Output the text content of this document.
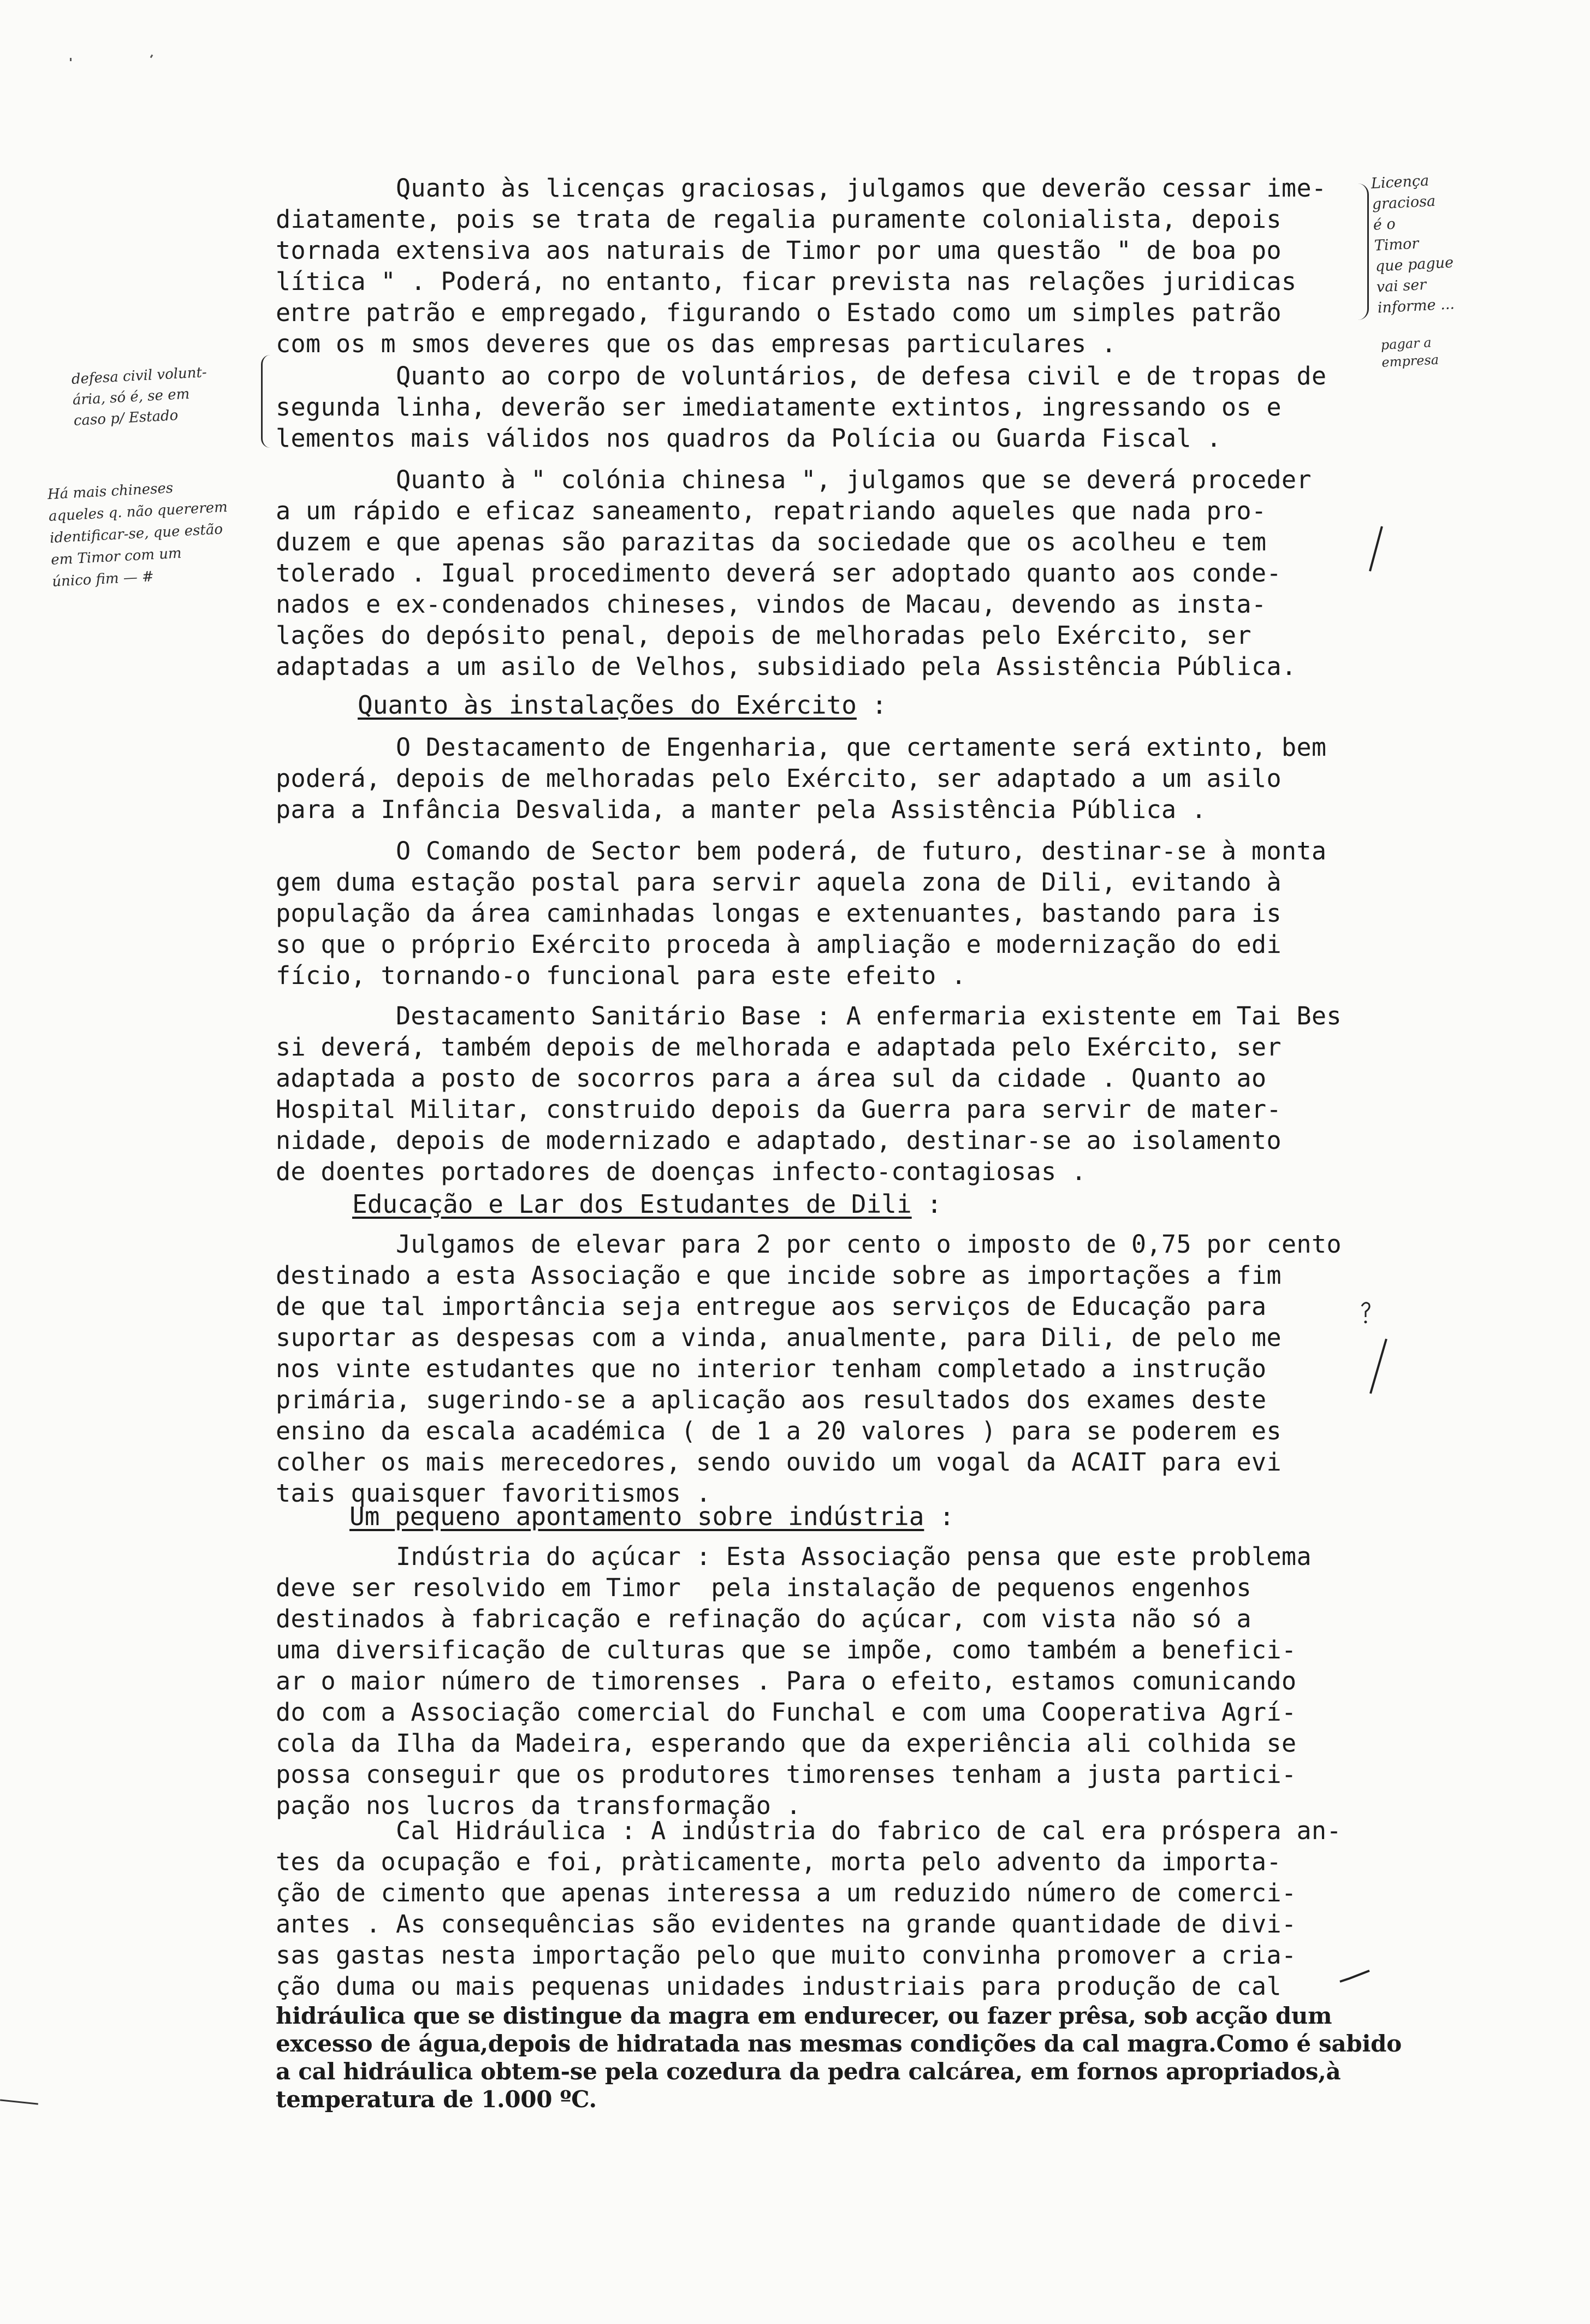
Quanto às licenças graciosas, julgamos que deverão cessar ime-
diatamente, pois se trata de regalia puramente colonialista, depois
tornada extensiva aos naturais de Timor por uma questão " de boa po
lítica " . Poderá, no entanto, ficar prevista nas relações juridicas
entre patrão e empregado, figurando o Estado como um simples patrão
com os m smos deveres que os das empresas particulares .
Quanto ao corpo de voluntários, de defesa civil e de tropas de
segunda linha, deverão ser imediatamente extintos, ingressando os e
lementos mais válidos nos quadros da Polícia ou Guarda Fiscal .
Quanto à " colónia chinesa ", julgamos que se deverá proceder
a um rápido e eficaz saneamento, repatriando aqueles que nada pro-
duzem e que apenas são parazitas da sociedade que os acolheu e tem
tolerado . Igual procedimento deverá ser adoptado quanto aos conde-
nados e ex-condenados chineses, vindos de Macau, devendo as insta-
lações do depósito penal, depois de melhoradas pelo Exército, ser
adaptadas a um asilo de Velhos, subsidiado pela Assistência Pública.
Quanto às instalações do Exército :
O Destacamento de Engenharia, que certamente será extinto, bem
poderá, depois de melhoradas pelo Exército, ser adaptado a um asilo
para a Infância Desvalida, a manter pela Assistência Pública .
O Comando de Sector bem poderá, de futuro, destinar-se à monta
gem duma estação postal para servir aquela zona de Dili, evitando à
população da área caminhadas longas e extenuantes, bastando para is
so que o próprio Exército proceda à ampliação e modernização do edi
fício, tornando-o funcional para este efeito .
Destacamento Sanitário Base : A enfermaria existente em Tai Bes
si deverá, também depois de melhorada e adaptada pelo Exército, ser
adaptada a posto de socorros para a área sul da cidade . Quanto ao
Hospital Militar, construido depois da Guerra para servir de mater-
nidade, depois de modernizado e adaptado, destinar-se ao isolamento
de doentes portadores de doenças infecto-contagiosas .
Educação e Lar dos Estudantes de Dili :
Julgamos de elevar para 2 por cento o imposto de 0,75 por cento
destinado a esta Associação e que incide sobre as importações a fim
de que tal importância seja entregue aos serviços de Educação para
suportar as despesas com a vinda, anualmente, para Dili, de pelo me
nos vinte estudantes que no interior tenham completado a instrução
primária, sugerindo-se a aplicação aos resultados dos exames deste
ensino da escala académica ( de 1 a 20 valores ) para se poderem es
colher os mais merecedores, sendo ouvido um vogal da ACAIT para evi
tais quaisquer favoritismos .
Um pequeno apontamento sobre indústria :
Indústria do açúcar : Esta Associação pensa que este problema
deve ser resolvido em Timor  pela instalação de pequenos engenhos
destinados à fabricação e refinação do açúcar, com vista não só a
uma diversificação de culturas que se impõe, como também a benefici-
ar o maior número de timorenses . Para o efeito, estamos comunicando
do com a Associação comercial do Funchal e com uma Cooperativa Agrí-
cola da Ilha da Madeira, esperando que da experiência ali colhida se
possa conseguir que os produtores timorenses tenham a justa partici-
pação nos lucros da transformação .
Cal Hidráulica : A indústria do fabrico de cal era próspera an-
tes da ocupação e foi, pràticamente, morta pelo advento da importa-
ção de cimento que apenas interessa a um reduzido número de comerci-
antes . As consequências são evidentes na grande quantidade de divi-
sas gastas nesta importação pelo que muito convinha promover a cria-
ção duma ou mais pequenas unidades industriais para produção de cal
hidráulica que se distingue da magra em endurecer, ou fazer prêsa, sob acção dum
excesso de água,depois de hidratada nas mesmas condições da cal magra.Como é sabido
a cal hidráulica obtem-se pela cozedura da pedra calcárea, em fornos apropriados,à
temperatura de 1.000 ºC.
Licença
graciosa
é o
Timor
que pague
vai ser
informe ...
pagar a
empresa
defesa civil volunt-
ária, só é, se em
caso p/ Estado
Há mais chineses
aqueles q. não quererem
identificar-se, que estão
em Timor com um
único fim — #
